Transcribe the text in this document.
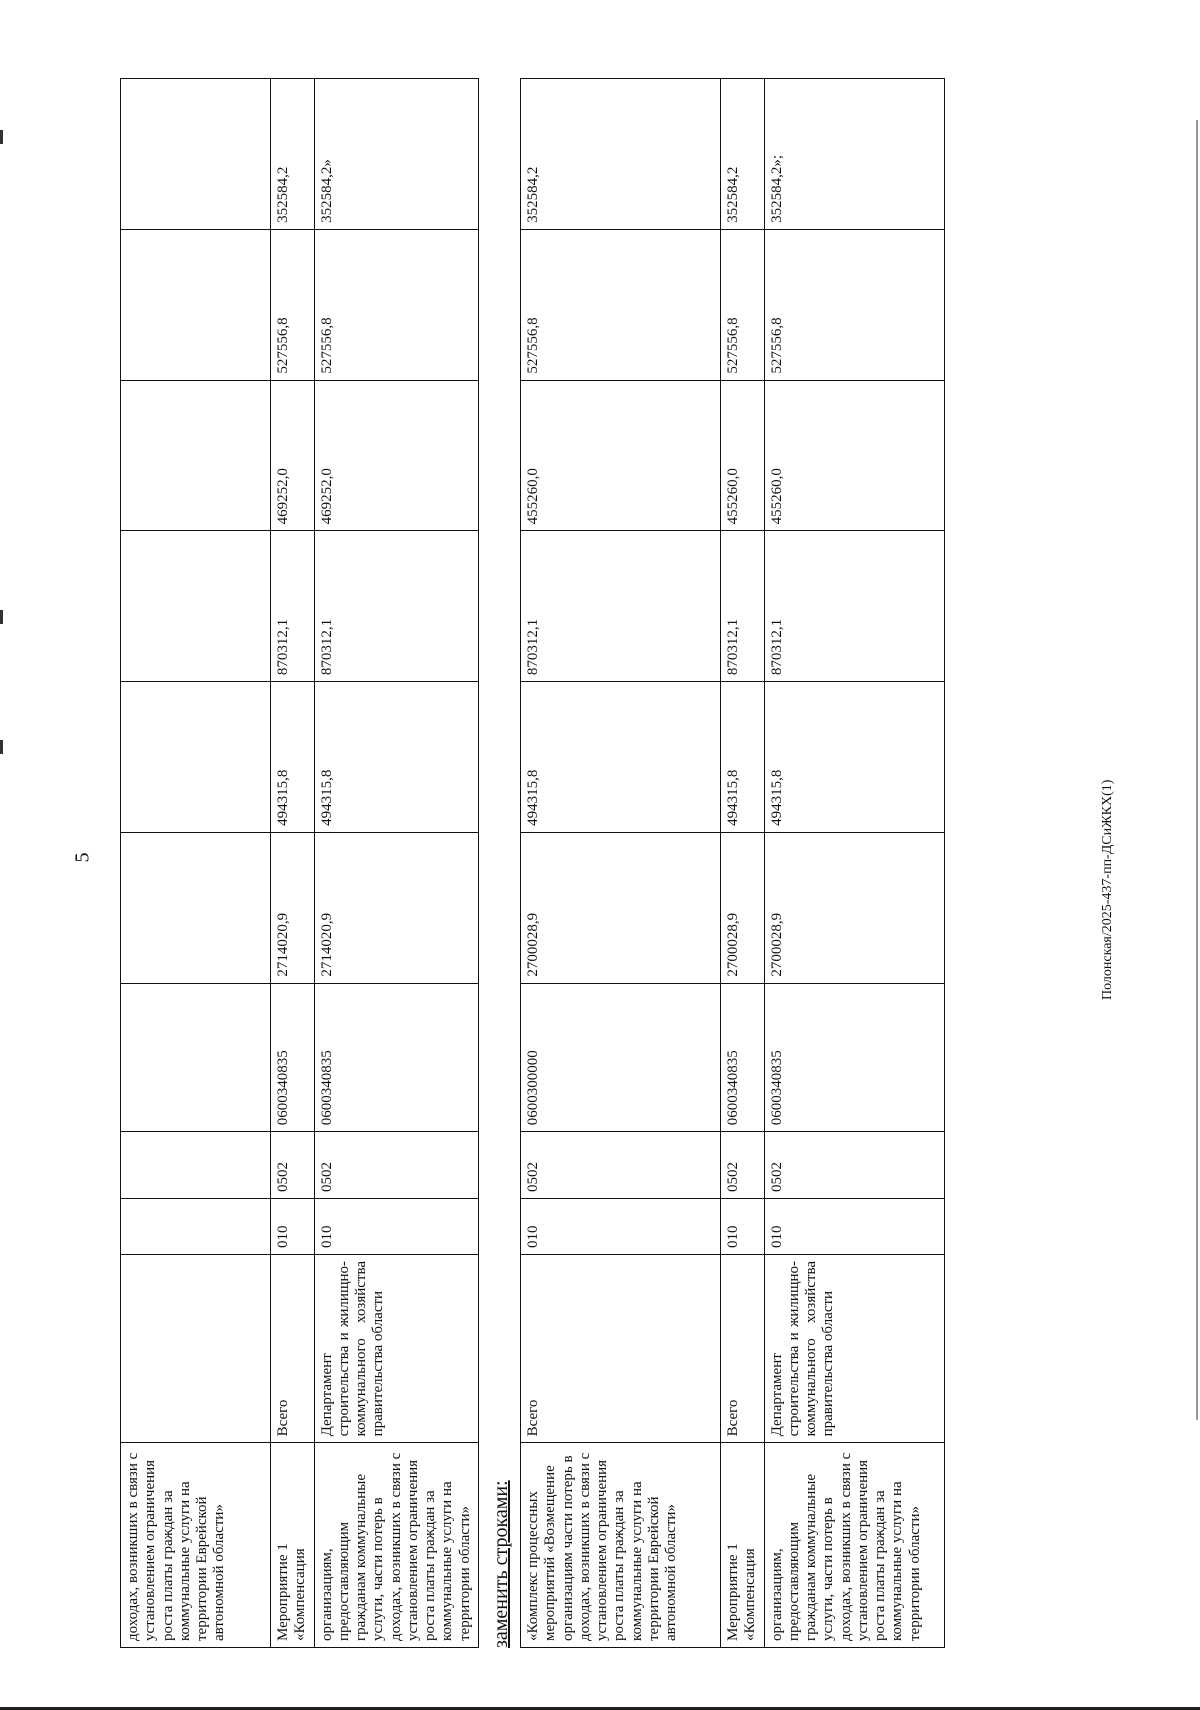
5
доходах, возникших в связи с установлением ограничения роста платы граждан за коммунальные услуги на территории Еврейской автономной области»										
Мероприятие 1 «Компенсация	Всего	010	0502	0600340835	2714020,9	494315,8	870312,1	469252,0	527556,8	352584,2
организациям, предоставляющим гражданам коммунальные услуги, части потерь в доходах, возникших в связи с установлением ограничения роста платы граждан за коммунальные услуги на территории области»	Департамент строительства и жилищно-коммунального хозяйства правительства области	010	0502	0600340835	2714020,9	494315,8	870312,1	469252,0	527556,8	352584,2»
заменить строками: «Комплекс процессных мероприятий «Возмещение организациям части потерь в доходах, возникших в связи с установлением ограничения роста платы граждан за коммунальные услуги на территории Еврейской автономной области»	Всего	010	0502	0600300000	2700028,9	494315,8	870312,1	455260,0	527556,8	352584,2
Мероприятие 1 «Компенсация	Всего	010	0502	0600340835	2700028,9	494315,8	870312,1	455260,0	527556,8	352584,2
организациям, предоставляющим гражданам коммунальные услуги, части потерь в доходах, возникших в связи с установлением ограничения роста платы граждан за коммунальные услуги на территории области»	Департамент строительства и жилищно-коммунального хозяйства правительства области	010	0502	0600340835	2700028,9	494315,8	870312,1	455260,0	527556,8	352584,2»;
Полонская/2025-437-пп-ДСиЖКХ(1)
